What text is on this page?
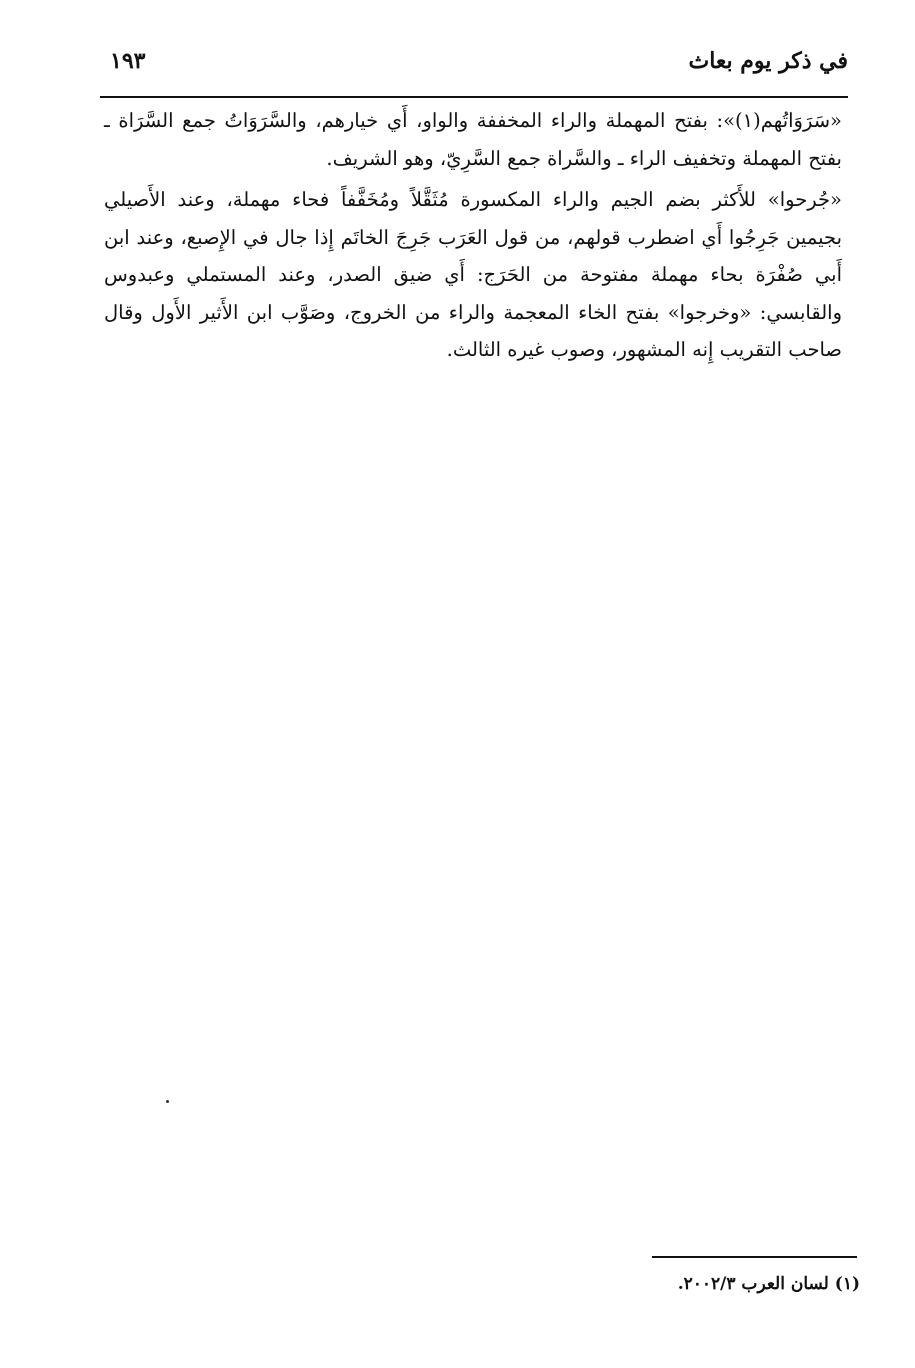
في ذكر يوم بعاث
١٩٣

«سَرَوَاتُهم(١)»: بفتح المهملة والراء المخففة والواو، أَي خيارهم، والسَّرَوَاتُ جمع السَّرَاة ـ بفتح المهملة وتخفيف الراء ـ والسَّراة جمع السَّرِيّ، وهو الشريف.

«جُرحوا» للأَكثر بضم الجيم والراء المكسورة مُثَقَّلاً ومُخَفَّفاً فحاء مهملة، وعند الأَصيلي بجيمين جَرِجُوا أَي اضطرب قولهم، من قول العَرَب جَرِجَ الخاتَم إِذا جال في الإِصبع، وعند ابن أَبي صُفْرَة بحاء مهملة مفتوحة من الحَرَج: أَي ضيق الصدر، وعند المستملي وعبدوس والقابسي: «وخرجوا» بفتح الخاء المعجمة والراء من الخروج، وصَوَّب ابن الأَثير الأَول وقال صاحب التقريب إِنه المشهور، وصوب غيره الثالث.

(١) لسان العرب ٢٠٠٢/٣.
